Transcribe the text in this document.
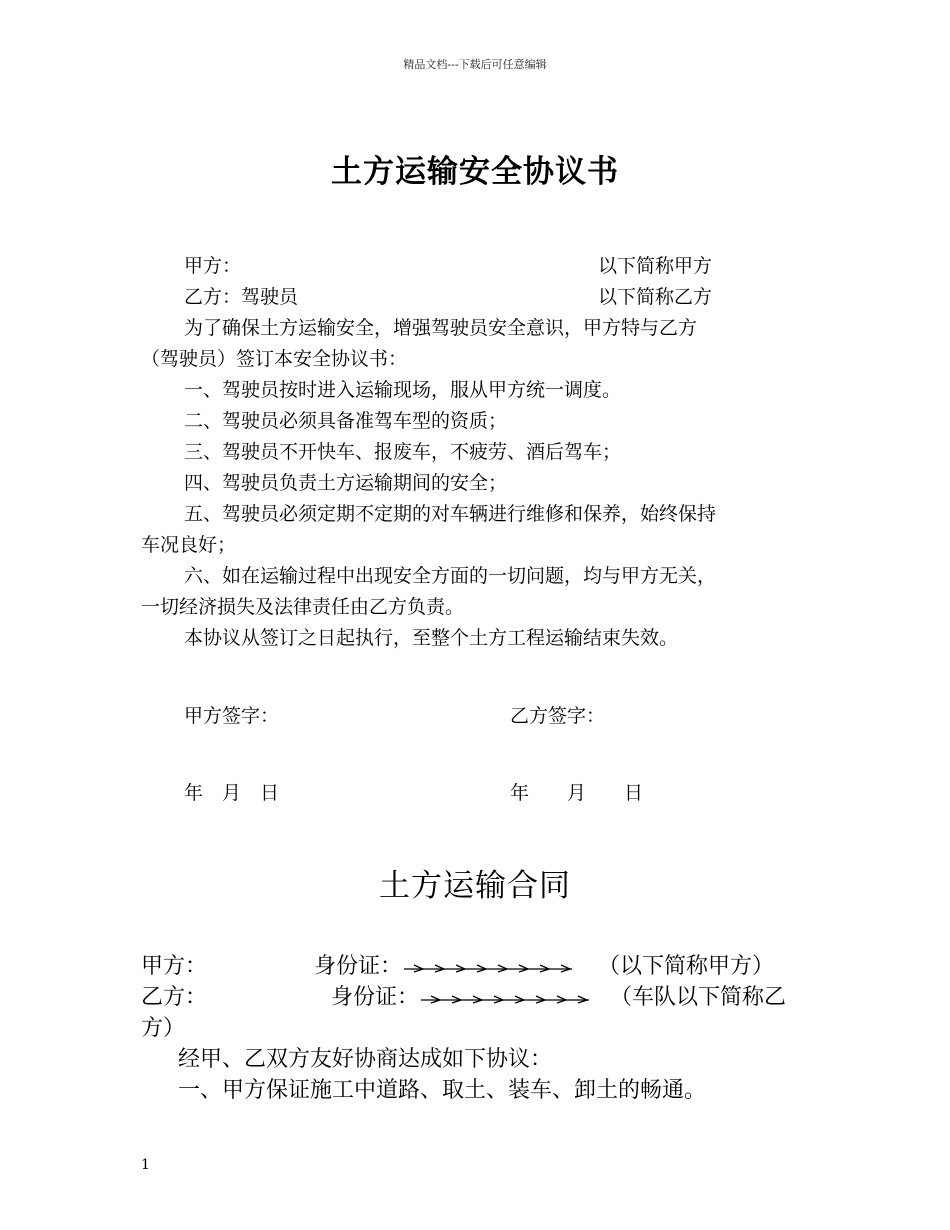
精品文档---下载后可任意编辑
土方运输安全协议书
甲方：	以下简称甲方
乙方：驾驶员	以下简称乙方
为了确保土方运输安全，增强驾驶员安全意识，甲方特与乙方
（驾驶员）签订本安全协议书：
一、驾驶员按时进入运输现场，服从甲方统一调度。
二、驾驶员必须具备准驾车型的资质；
三、驾驶员不开快车、报废车，不疲劳、酒后驾车；
四、驾驶员负责土方运输期间的安全；
五、驾驶员必须定期不定期的对车辆进行维修和保养，始终保持
车况良好；
六、如在运输过程中出现安全方面的一切问题，均与甲方无关，
一切经济损失及法律责任由乙方负责。
本协议从签订之日起执行，至整个土方工程运输结束失效。
甲方签字：	乙方签字：
年　月　日	年　　月　　日
土方运输合同
甲方：	身份证：	（以下简称甲方）
乙方：	身份证：	（车队以下简称乙
方）
经甲、乙双方友好协商达成如下协议：
一、甲方保证施工中道路、取土、装车、卸土的畅通。
1
